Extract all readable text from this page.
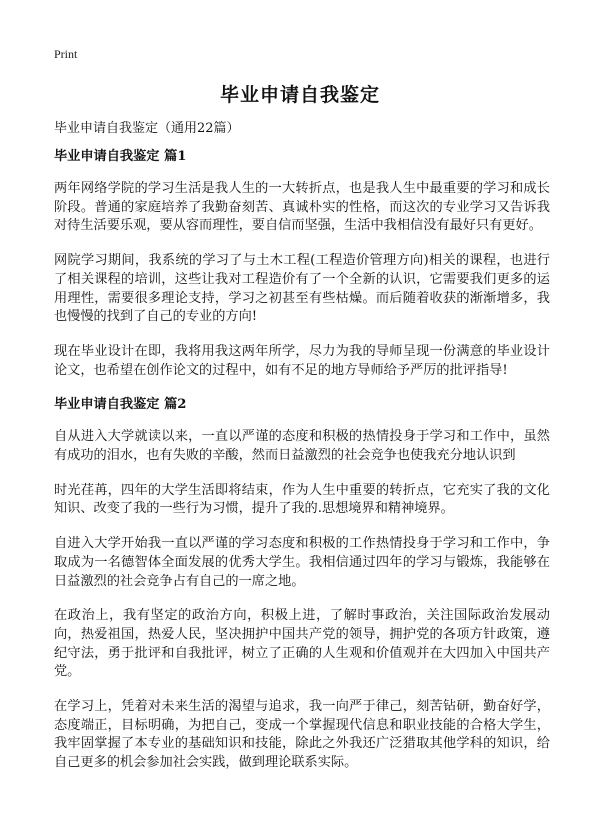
Print
毕业申请自我鉴定
毕业申请自我鉴定（通用22篇）
毕业申请自我鉴定 篇1

两年网络学院的学习生活是我人生的一大转折点，也是我人生中最重要的学习和成长阶段。普通的家庭培养了我勤奋刻苦、真诚朴实的性格，而这次的专业学习又告诉我对待生活要乐观，要从容而理性，要自信而坚强，生活中我相信没有最好只有更好。

网院学习期间，我系统的学习了与土木工程(工程造价管理方向)相关的课程，也进行了相关课程的培训，这些让我对工程造价有了一个全新的认识，它需要我们更多的运用理性，需要很多理论支持，学习之初甚至有些枯燥。而后随着收获的渐渐增多，我也慢慢的找到了自己的专业的方向!

现在毕业设计在即，我将用我这两年所学，尽力为我的导师呈现一份满意的毕业设计论文，也希望在创作论文的过程中，如有不足的地方导师给予严厉的批评指导!

毕业申请自我鉴定 篇2

自从进入大学就读以来，一直以严谨的态度和积极的热情投身于学习和工作中，虽然有成功的泪水，也有失败的辛酸，然而日益激烈的社会竞争也使我充分地认识到

时光荏苒，四年的大学生活即将结束，作为人生中重要的转折点，它充实了我的文化知识、改变了我的一些行为习惯，提升了我的.思想境界和精神境界。

自进入大学开始我一直以严谨的学习态度和积极的工作热情投身于学习和工作中，争取成为一名德智体全面发展的优秀大学生。我相信通过四年的学习与锻炼，我能够在日益激烈的社会竞争占有自己的一席之地。

在政治上，我有坚定的政治方向，积极上进，了解时事政治，关注国际政治发展动向，热爱祖国，热爱人民，坚决拥护中国共产党的领导，拥护党的各项方针政策，遵纪守法，勇于批评和自我批评，树立了正确的人生观和价值观并在大四加入中国共产党。

在学习上，凭着对未来生活的渴望与追求，我一向严于律己，刻苦钻研，勤奋好学，态度端正，目标明确，为把自己，变成一个掌握现代信息和职业技能的合格大学生，我牢固掌握了本专业的基础知识和技能，除此之外我还广泛猎取其他学科的知识，给自己更多的机会参加社会实践，做到理论联系实际。
